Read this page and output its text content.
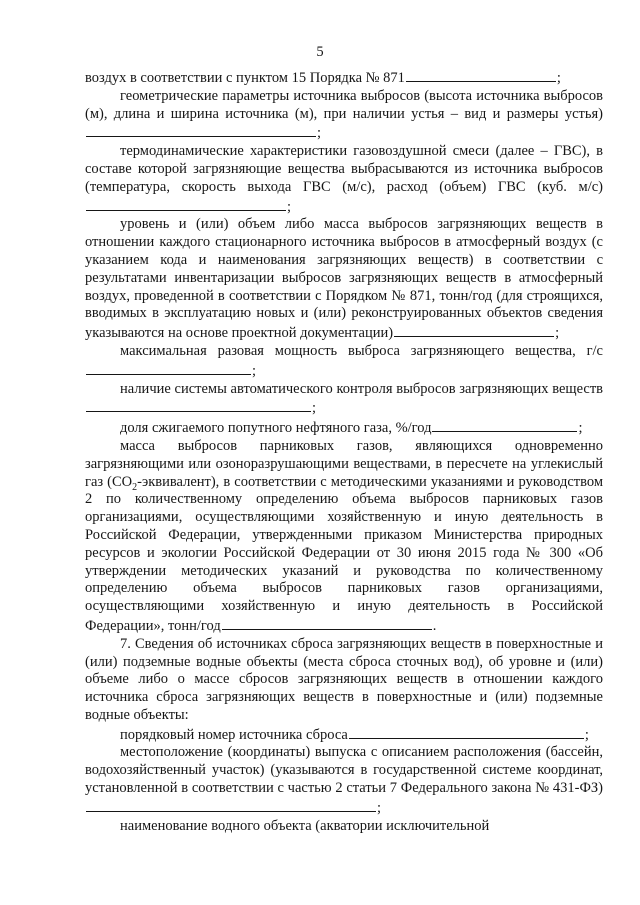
5

воздух в соответствии с пунктом 15 Порядка № 871	;

геометрические параметры источника выбросов (высота источника выбросов (м), длина и ширина источника (м), при наличии устья – вид и размеры устья);

термодинамические характеристики газовоздушной смеси (далее – ГВС), в составе которой загрязняющие вещества выбрасываются из источника выбросов (температура, скорость выхода ГВС (м/с), расход (объем) ГВС (куб. м/с);

уровень и (или) объем либо масса выбросов загрязняющих веществ в отношении каждого стационарного источника выбросов в атмосферный воздух (с указанием кода и наименования загрязняющих веществ) в соответствии с результатами инвентаризации выбросов загрязняющих веществ в атмосферный воздух, проведенной в соответствии с Порядком № 871, тонн/год (для строящихся, вводимых в эксплуатацию новых и (или) реконструированных объектов сведения указываются на основе проектной документации)	;

максимальная разовая мощность выброса загрязняющего вещества, г/с;

наличие системы автоматического контроля выбросов загрязняющих веществ;

доля сжигаемого попутного нефтяного газа, %/год	;

масса выбросов парниковых газов, являющихся одновременно загрязняющими или озоноразрушающими веществами, в пересчете на углекислый газ $(CO_2-эквивалент)$, в соответствии с методическими указаниями и руководством 2 по количественному определению объема выбросов парниковых газов организациями, осуществляющими хозяйственную и иную деятельность в Российской Федерации, утвержденными приказом Министерства природных ресурсов и экологии Российской Федерации от 30 июня 2015 года № 300 «Об утверждении методических указаний и руководства по количественному определению объема выбросов парниковых газов организациями, осуществляющими хозяйственную и иную деятельность в Российской Федерации», тонн/год	.

7. Сведения об источниках сброса загрязняющих веществ в поверхностные и (или) подземные водные объекты (места сброса сточных вод), об уровне и (или) объеме либо о массе сбросов загрязняющих веществ в отношении каждого источника сброса загрязняющих веществ в поверхностные и (или) подземные водные объекты:

порядковый номер источника сброса	;

местоположение (координаты) выпуска с описанием расположения (бассейн, водохозяйственный участок) (указываются в государственной системе координат, установленной в соответствии с частью 2 статьи 7 Федерального закона № 431-ФЗ);

наименование водного объекта (акватории исключительной
